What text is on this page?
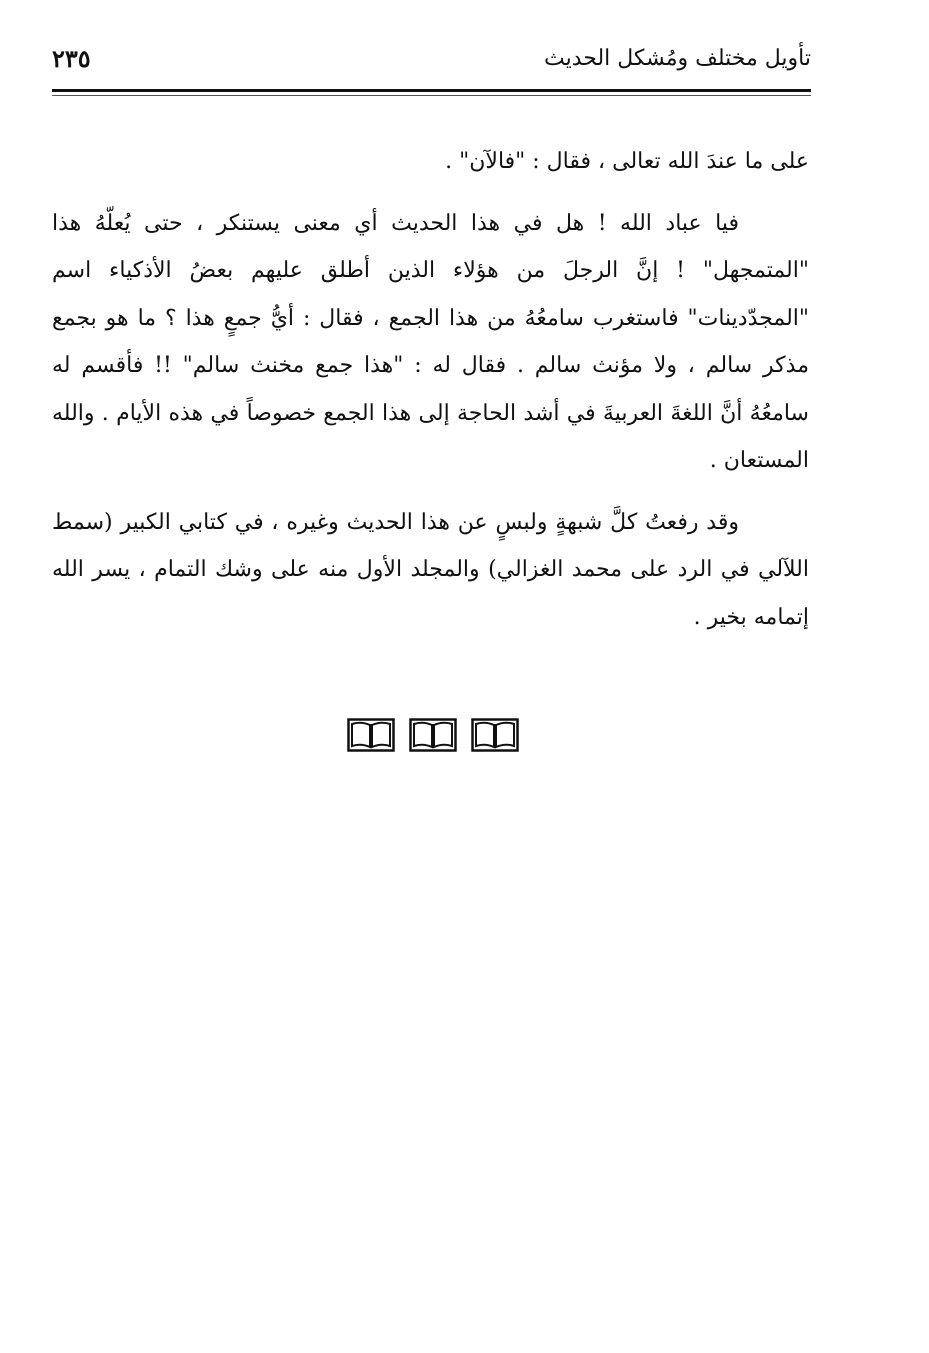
تأويل مختلف ومُشكل الحديث
٢٣٥

على ما عندَ الله تعالى ، فقال : "فالآن" .

فيا عباد الله ! هل في هذا الحديث أي معنى يستنكر ، حتى يُعلّهُ هذا "المتمجهل" ! إنَّ الرجلَ من هؤلاء الذين أطلق عليهم بعضُ الأذكياء اسم "المجدّدينات" فاستغرب سامعُهُ من هذا الجمع ، فقال : أيُّ جمعٍ هذا ؟ ما هو بجمع مذكر سالم ، ولا مؤنث سالم . فقال له : "هذا جمع مخنث سالم" !! فأقسم له سامعُهُ أنَّ اللغةَ العربيةَ في أشد الحاجة إلى هذا الجمع خصوصاً في هذه الأيام . والله المستعان .

وقد رفعتُ كلَّ شبهةٍ ولبسٍ عن هذا الحديث وغيره ، في كتابي الكبير (سمط اللآلي في الرد على محمد الغزالي) والمجلد الأول منه على وشك التمام ، يسر الله إتمامه بخير .
